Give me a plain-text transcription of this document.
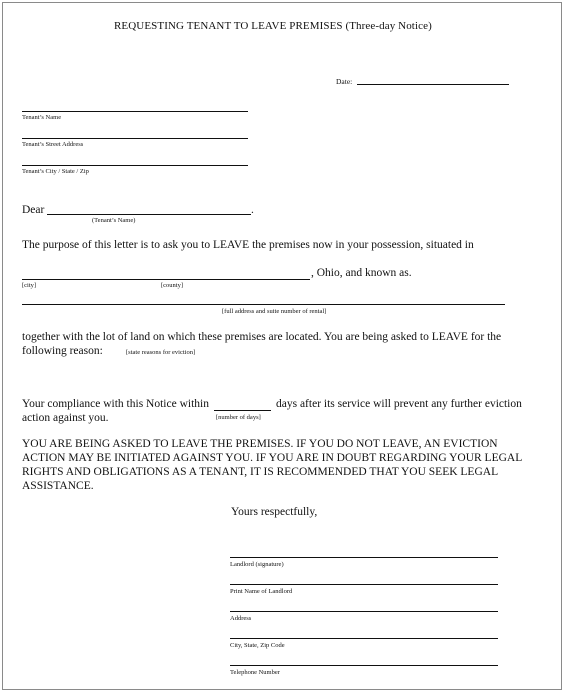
REQUESTING TENANT TO LEAVE PREMISES (Three-day Notice)
Date:
Tenant’s Name
Tenant’s Street Address
Tenant’s City / State / Zip
Dear	.
(Tenant’s Name)
The purpose of this letter is to ask you to LEAVE the premises now in your possession, situated in
, Ohio, and known as.
[city]	[county]
[full address and suite number of rental]
together with the lot of land on which these premises are located. You are being asked to LEAVE for the
following reason:	[state reasons for eviction]
Your compliance with this Notice within	days after its service will prevent any further eviction
action against you.	[number of days]
YOU ARE BEING ASKED TO LEAVE THE PREMISES. IF YOU DO NOT LEAVE, AN EVICTION
ACTION MAY BE INITIATED AGAINST YOU. IF YOU ARE IN DOUBT REGARDING YOUR LEGAL
RIGHTS AND OBLIGATIONS AS A TENANT, IT IS RECOMMENDED THAT YOU SEEK LEGAL
ASSISTANCE.
Yours respectfully,
Landlord (signature)
Print Name of Landlord
Address
City, State, Zip Code
Telephone Number
